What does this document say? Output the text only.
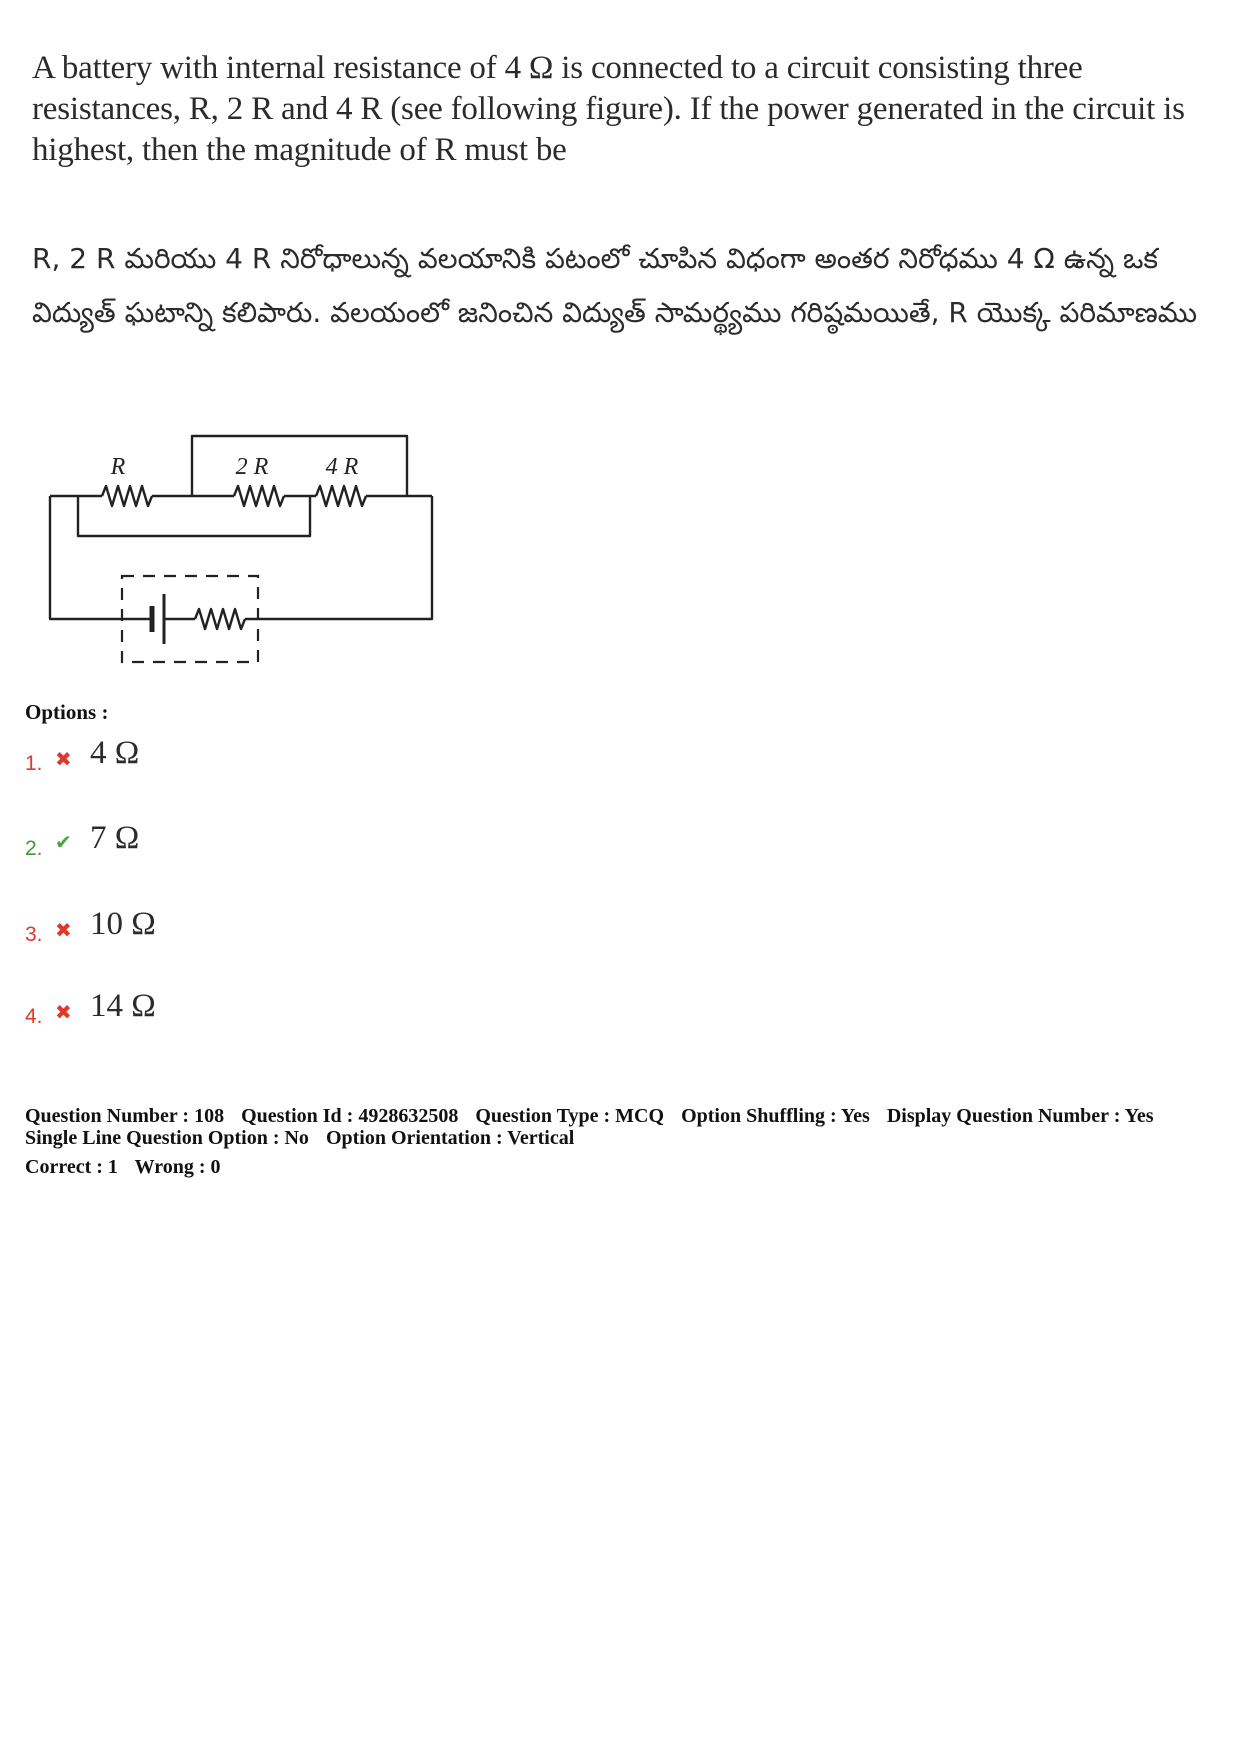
A battery with internal resistance of 4 Ω is connected to a circuit consisting three resistances, R, 2 R and 4 R (see following figure). If the power generated in the circuit is highest, then the magnitude of R must be
R, 2 R మరియు 4 R నిరోధాలున్న వలయానికి పటంలో చూపిన విధంగా అంతర నిరోధము 4 Ω ఉన్న ఒక విద్యుత్ ఘటాన్ని కలిపారు. వలయంలో జనించిన విద్యుత్ సామర్థ్యము గరిష్ఠమయితే, R యొక్క పరిమాణము
R	2 R 4 R
Options :
1. ✖ 4 Ω
2. ✔ 7 Ω
3. ✖ 10 Ω
4. ✖ 14 Ω
Question Number : 108 Question Id : 4928632508 Question Type : MCQ Option Shuffling : Yes Display Question Number : Yes
Single Line Question Option : No Option Orientation : Vertical
Correct : 1 Wrong : 0
